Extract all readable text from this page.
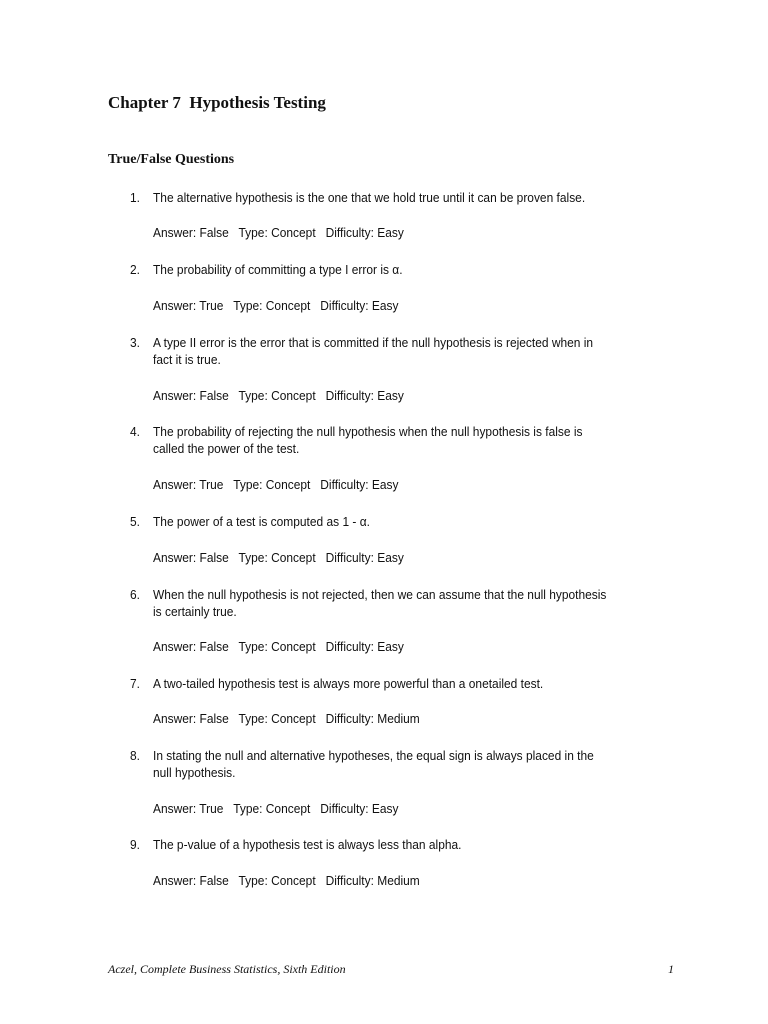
Chapter 7  Hypothesis Testing
True/False Questions
1. The alternative hypothesis is the one that we hold true until it can be proven false.
Answer: False   Type: Concept   Difficulty: Easy
2. The probability of committing a type I error is α.
Answer: True   Type: Concept   Difficulty: Easy
3. A type II error is the error that is committed if the null hypothesis is rejected when in
fact it is true.
Answer: False   Type: Concept   Difficulty: Easy
4. The probability of rejecting the null hypothesis when the null hypothesis is false is
called the power of the test.
Answer: True   Type: Concept   Difficulty: Easy
5. The power of a test is computed as 1 - α.
Answer: False   Type: Concept   Difficulty: Easy
6. When the null hypothesis is not rejected, then we can assume that the null hypothesis
is certainly true.
Answer: False   Type: Concept   Difficulty: Easy
7. A two-tailed hypothesis test is always more powerful than a onetailed test.
Answer: False   Type: Concept   Difficulty: Medium
8. In stating the null and alternative hypotheses, the equal sign is always placed in the
null hypothesis.
Answer: True   Type: Concept   Difficulty: Easy
9. The p-value of a hypothesis test is always less than alpha.
Answer: False   Type: Concept   Difficulty: Medium
Aczel, Complete Business Statistics, Sixth Edition	1
